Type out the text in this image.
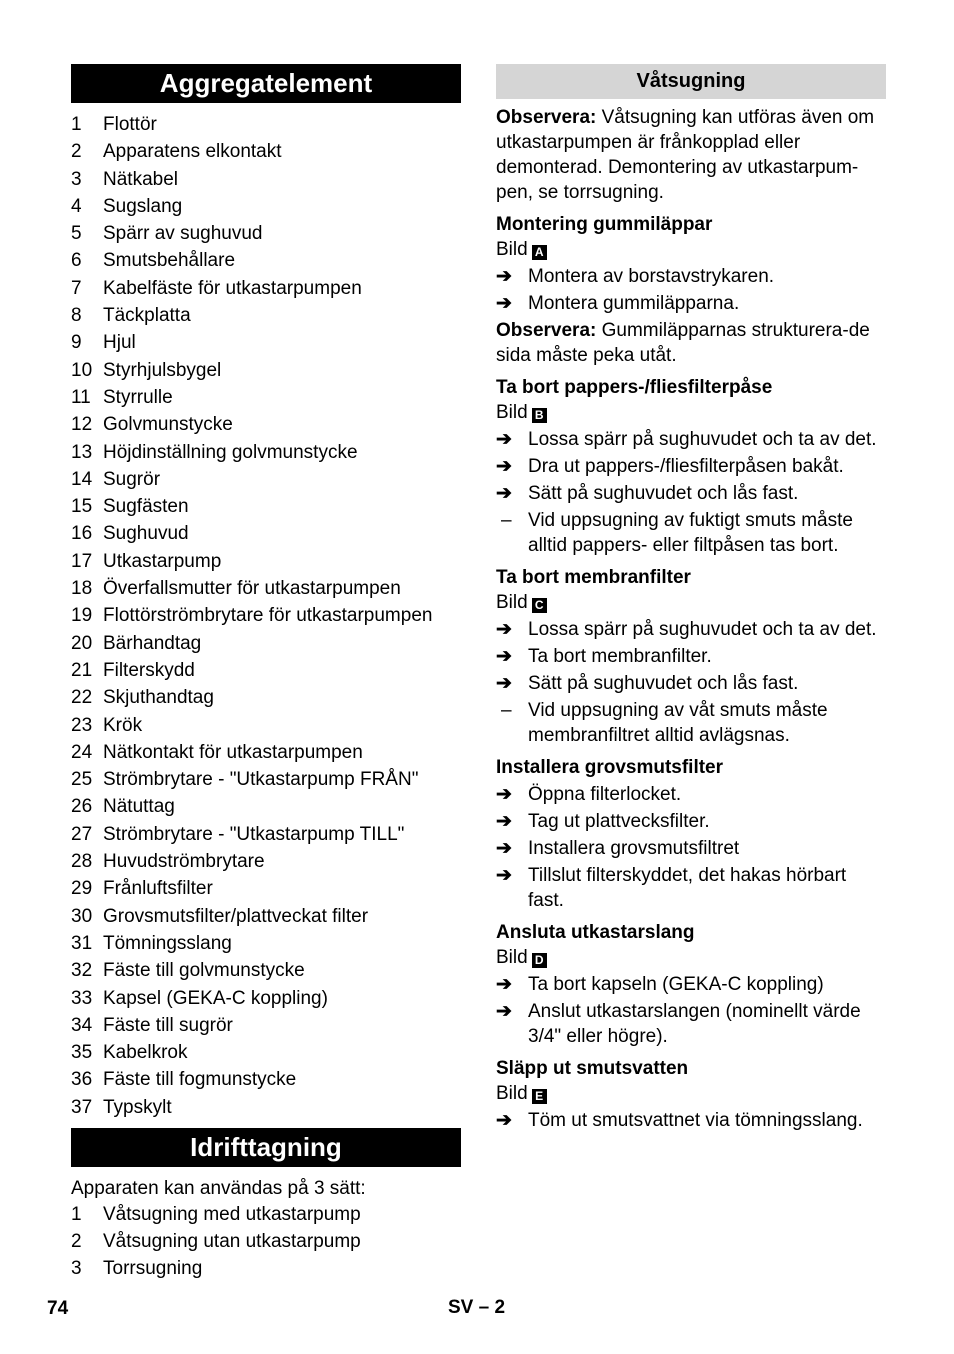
Aggregatelement
1	Flottör
2	Apparatens elkontakt
3	Nätkabel
4	Sugslang
5	Spärr av sughuvud
6	Smutsbehållare
7	Kabelfäste för utkastarpumpen
8	Täckplatta
9	Hjul
10 Styrhjulsbygel
11 Styrrulle
12 Golvmunstycke
13 Höjdinställning golvmunstycke
14 Sugrör
15 Sugfästen
16 Sughuvud
17 Utkastarpump
18 Överfallsmutter för utkastarpumpen
19 Flottörströmbrytare för utkastarpumpen
20 Bärhandtag
21 Filterskydd
22 Skjuthandtag
23 Krök
24 Nätkontakt för utkastarpumpen
25 Strömbrytare - "Utkastarpump FRÅN"
26 Nätuttag
27 Strömbrytare - "Utkastarpump TILL"
28 Huvudströmbrytare
29 Frånluftsfilter
30 Grovsmutsfilter/plattveckat filter
31 Tömningsslang
32 Fäste till golvmunstycke
33 Kapsel (GEKA-C koppling)
34 Fäste till sugrör
35 Kabelkrok
36 Fäste till fogmunstycke
37 Typskylt
Idrifttagning
Apparaten kan användas på 3 sätt:
1	Våtsugning med utkastarpump
2	Våtsugning utan utkastarpump
3	Torrsugning
Våtsugning

Observera: Våtsugning kan utföras även om utkastarpumpen är frånkopplad eller demonterad. Demontering av utkastarpum-pen, se torrsugning.

Montering gummiläppar
Bild A
➔ Montera av borstavstrykaren.
➔ Montera gummiläpparna.

Observera: Gummiläpparnas strukturera-de sida måste peka utåt.

Ta bort pappers-/fliesfilterpåse
Bild B
➔ Lossa spärr på sughuvudet och ta av det.
➔ Dra ut pappers-/fliesfilterpåsen bakåt.
➔ Sätt på sughuvudet och lås fast.
– Vid uppsugning av fuktigt smuts måste alltid pappers- eller filtpåsen tas bort.
Ta bort membranfilter
Bild C
➔ Lossa spärr på sughuvudet och ta av det.
➔ Ta bort membranfilter.
➔ Sätt på sughuvudet och lås fast.
– Vid uppsugning av våt smuts måste membranfiltret alltid avlägsnas.
Installera grovsmutsfilter
➔ Öppna filterlocket.
➔ Tag ut plattvecksfilter.
➔ Installera grovsmutsfiltret
➔ Tillslut filterskyddet, det hakas hörbart fast.
Ansluta utkastarslang
Bild D
➔ Ta bort kapseln (GEKA-C koppling)
➔ Anslut utkastarslangen (nominellt värde 3/4" eller högre).
Släpp ut smutsvatten
Bild E
➔ Töm ut smutsvattnet via tömningsslang.
74	SV – 2
